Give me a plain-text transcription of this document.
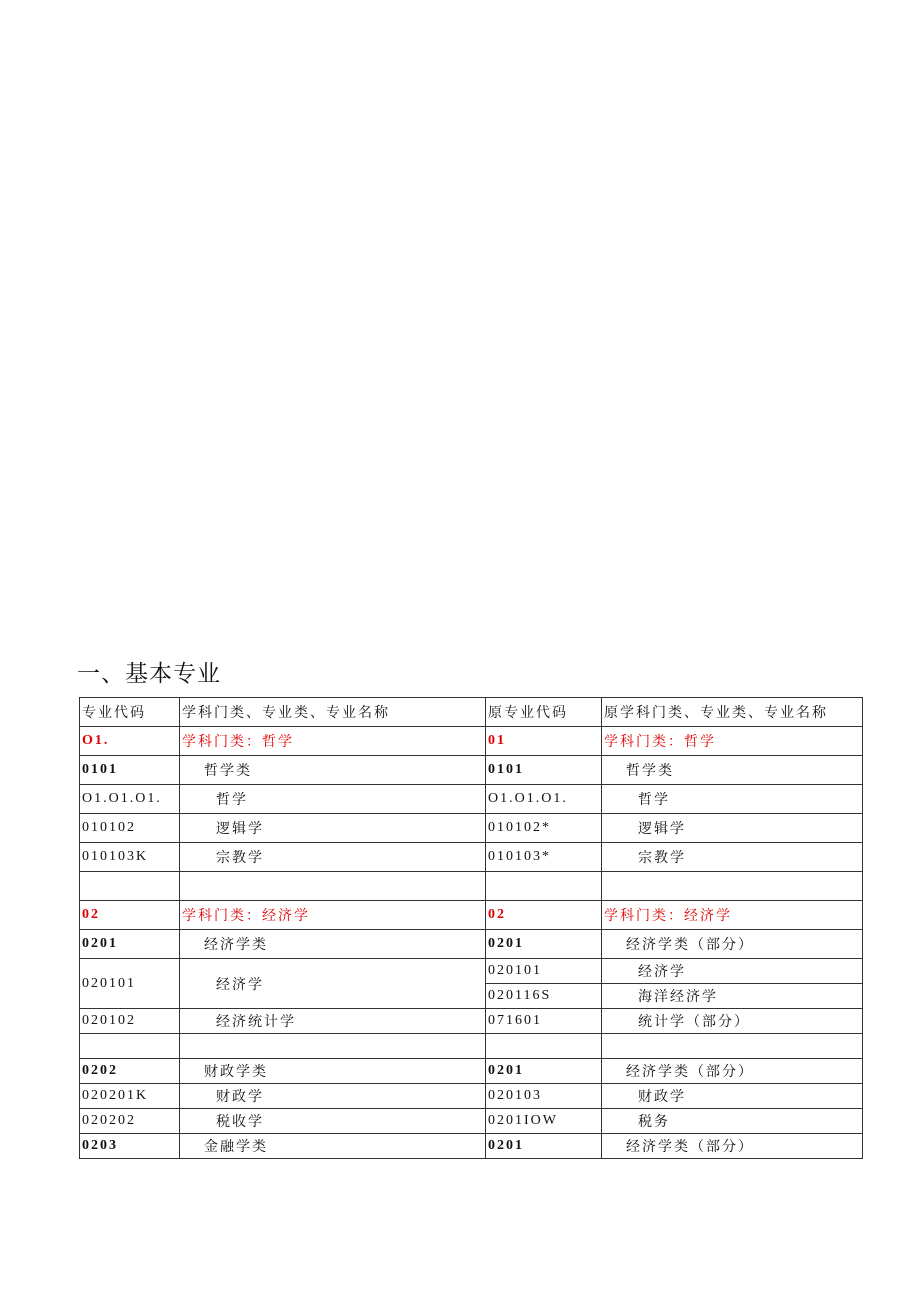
一、基本专业
专业代码	学科门类、专业类、专业名称	原专业代码	原学科门类、专业类、专业名称
O1.	学科门类：哲学	01	学科门类：哲学
0101	哲学类	0101	哲学类
O1.O1.O1.	哲学	O1.O1.O1.	哲学
010102	逻辑学	010102*	逻辑学
010103K	宗教学	010103*	宗教学

02	学科门类：经济学	02	学科门类：经济学
0201	经济学类	0201	经济学类（部分）
020101	经济学	020101	经济学
		020116S	海洋经济学
020102	经济统计学	071601	统计学（部分）

0202	财政学类	0201	经济学类（部分）
020201K	财政学	020103	财政学
020202	税收学	0201IOW	税务
0203	金融学类	0201	经济学类（部分）
